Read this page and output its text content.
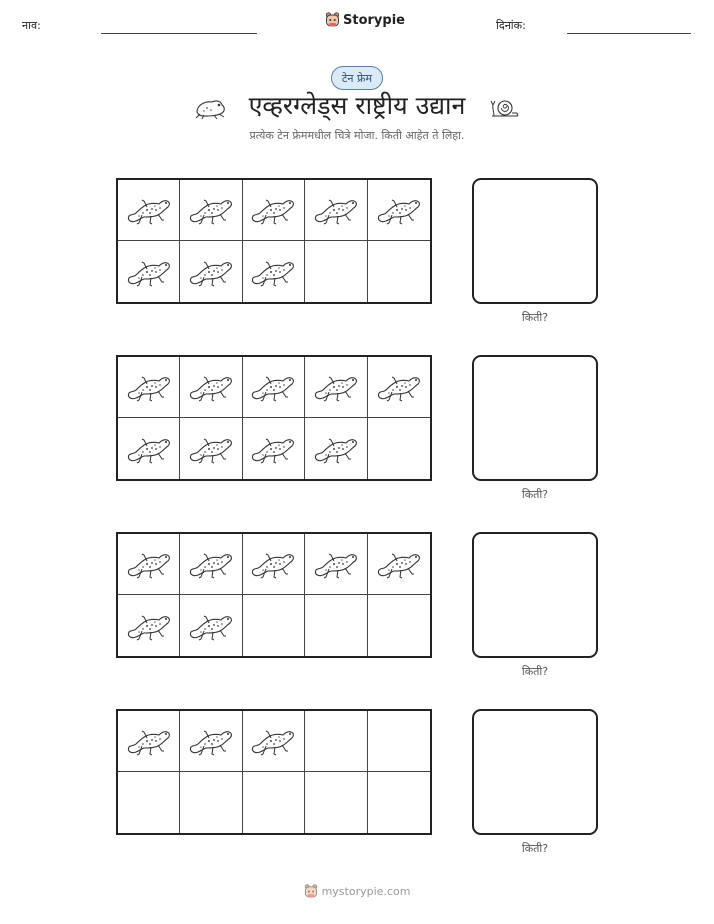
नाव:	Storypie	दिनांक:
टेन फ्रेम
एव्हरग्लेड्स राष्ट्रीय उद्यान
प्रत्येक टेन फ्रेममधील चित्रे मोजा. किती आहेत ते लिहा.
किती?
किती?
किती?
किती?
mystorypie.com
